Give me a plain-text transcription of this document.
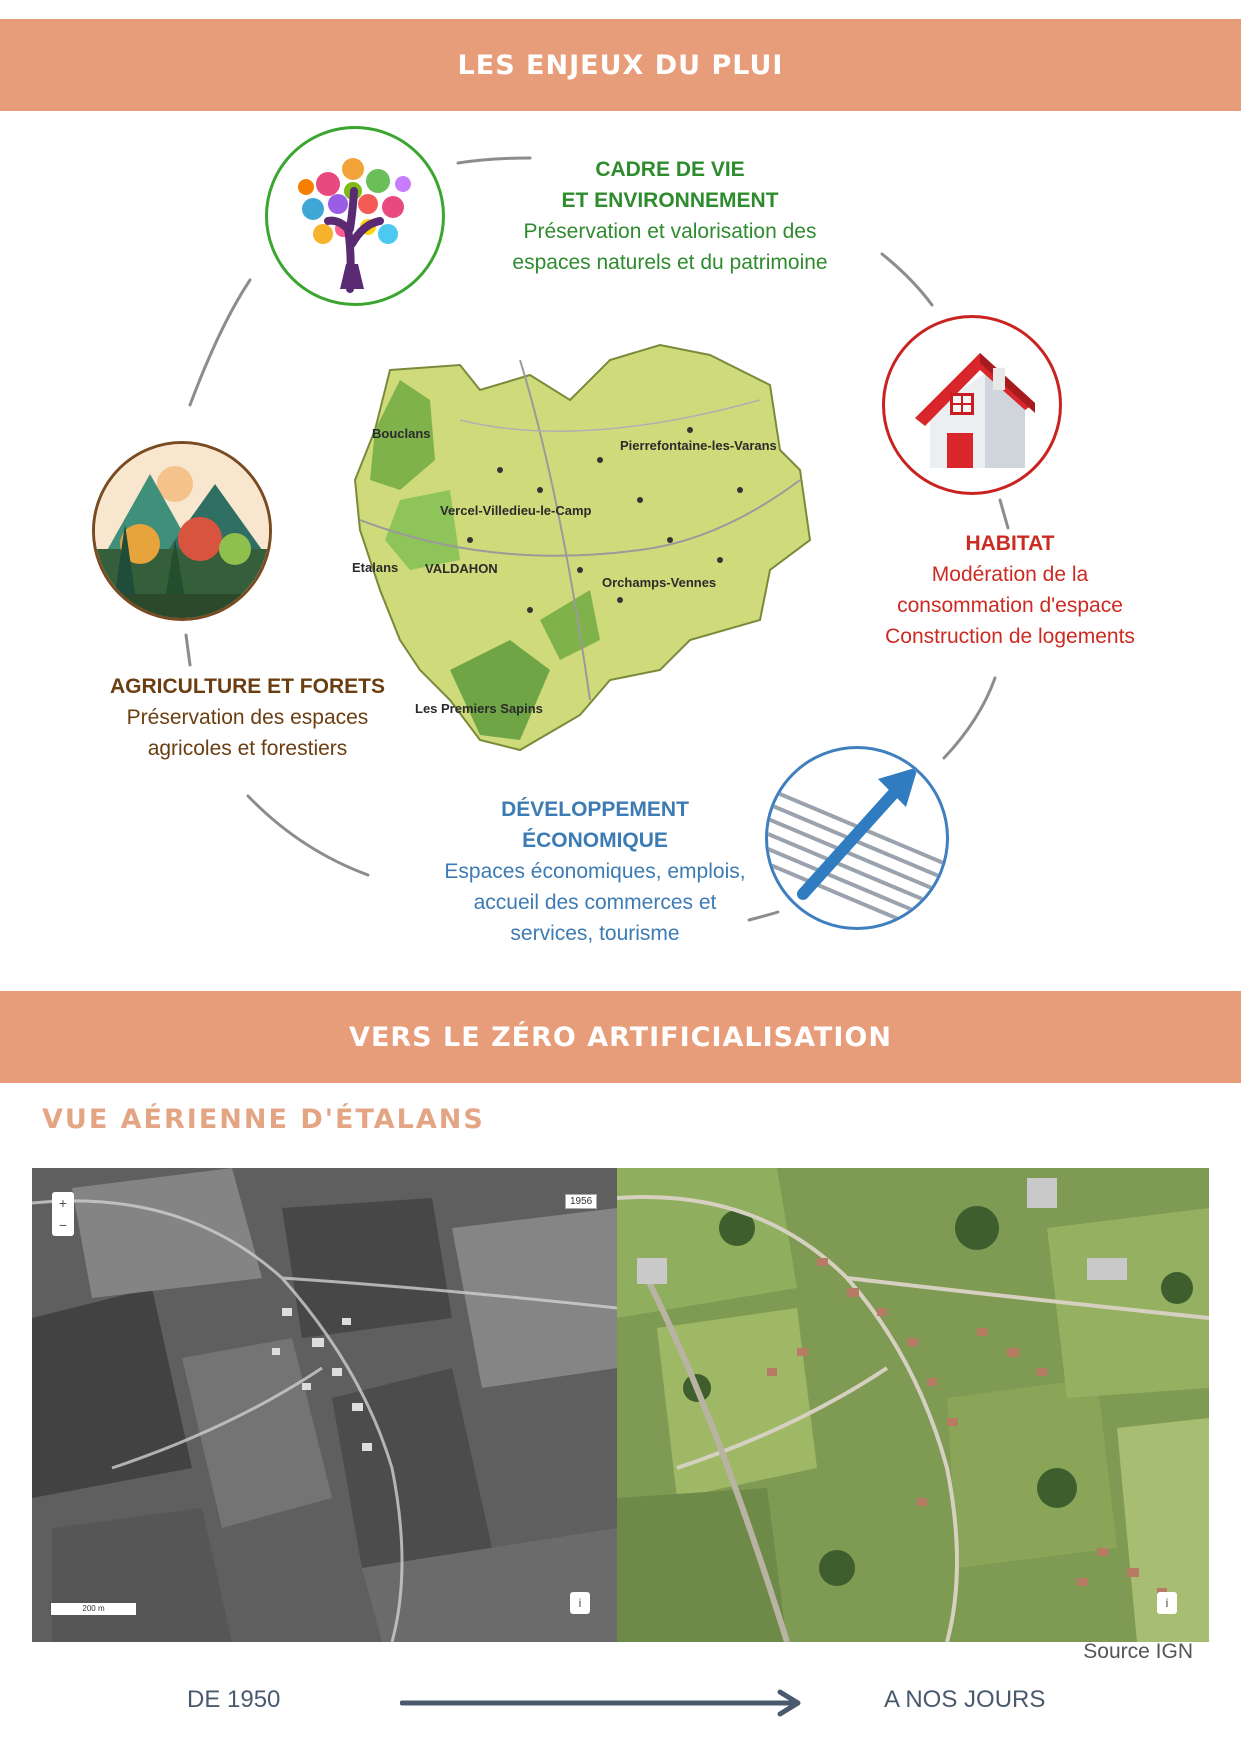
LES ENJEUX DU PLUI
CADRE DE VIE
ET ENVIRONNEMENT
Préservation et valorisation des
espaces naturels et du patrimoine
HABITAT
Modération de la
consommation d'espace
Construction de logements
AGRICULTURE ET FORETS
Préservation des espaces
agricoles et forestiers
DÉVELOPPEMENT
ÉCONOMIQUE
Espaces économiques, emplois,
accueil des commerces et
services, tourisme
Bouclans
Vercel-Villedieu-le-Camp
VALDAHON
Pierrefontaine-les-Varans
Orchamps-Vennes
Etalans
Les Premiers Sapins
VERS LE ZÉRO ARTIFICIALISATION
VUE AÉRIENNE D'ÉTALANS
+
−
1956
200 m	i	i
Source IGN
DE 1950	A NOS JOURS
